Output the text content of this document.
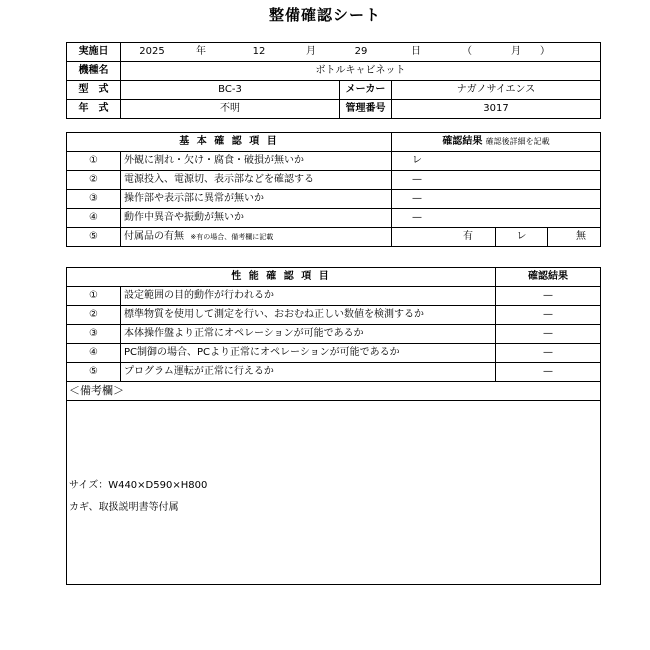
整備確認シート
実施日	2025 年 12 月 29 日 （ 月 ）		
機種名	ボトルキャビネット		
型　式	BC-3	メーカー	ナガノサイエンス
年　式	不明	管理番号	3017
基 本 確 認 項 目		確認結果 確認後詳細を記載		
①	外観に割れ・欠け・腐食・破損が無いか	レ		
②	電源投入、電源切、表示部などを確認する	—		
③	操作部や表示部に異常が無いか	—		
④	動作中異音や振動が無いか	—		
⑤	付属品の有無 ※有の場合、備考欄に記載	有	レ	無
性 能 確 認 項 目		確認結果
①	設定範囲の目的動作が行われるか	—
②	標準物質を使用して測定を行い、おおむね正しい数値を検測するか	—
③	本体操作盤より正常にオペレーションが可能であるか	—
④	PC制御の場合、PCより正常にオペレーションが可能であるか	—
⑤	プログラム運転が正常に行えるか	—
＜備考欄＞		

サイズ：W440×D590×H800
カギ、取扱説明書等付属		
